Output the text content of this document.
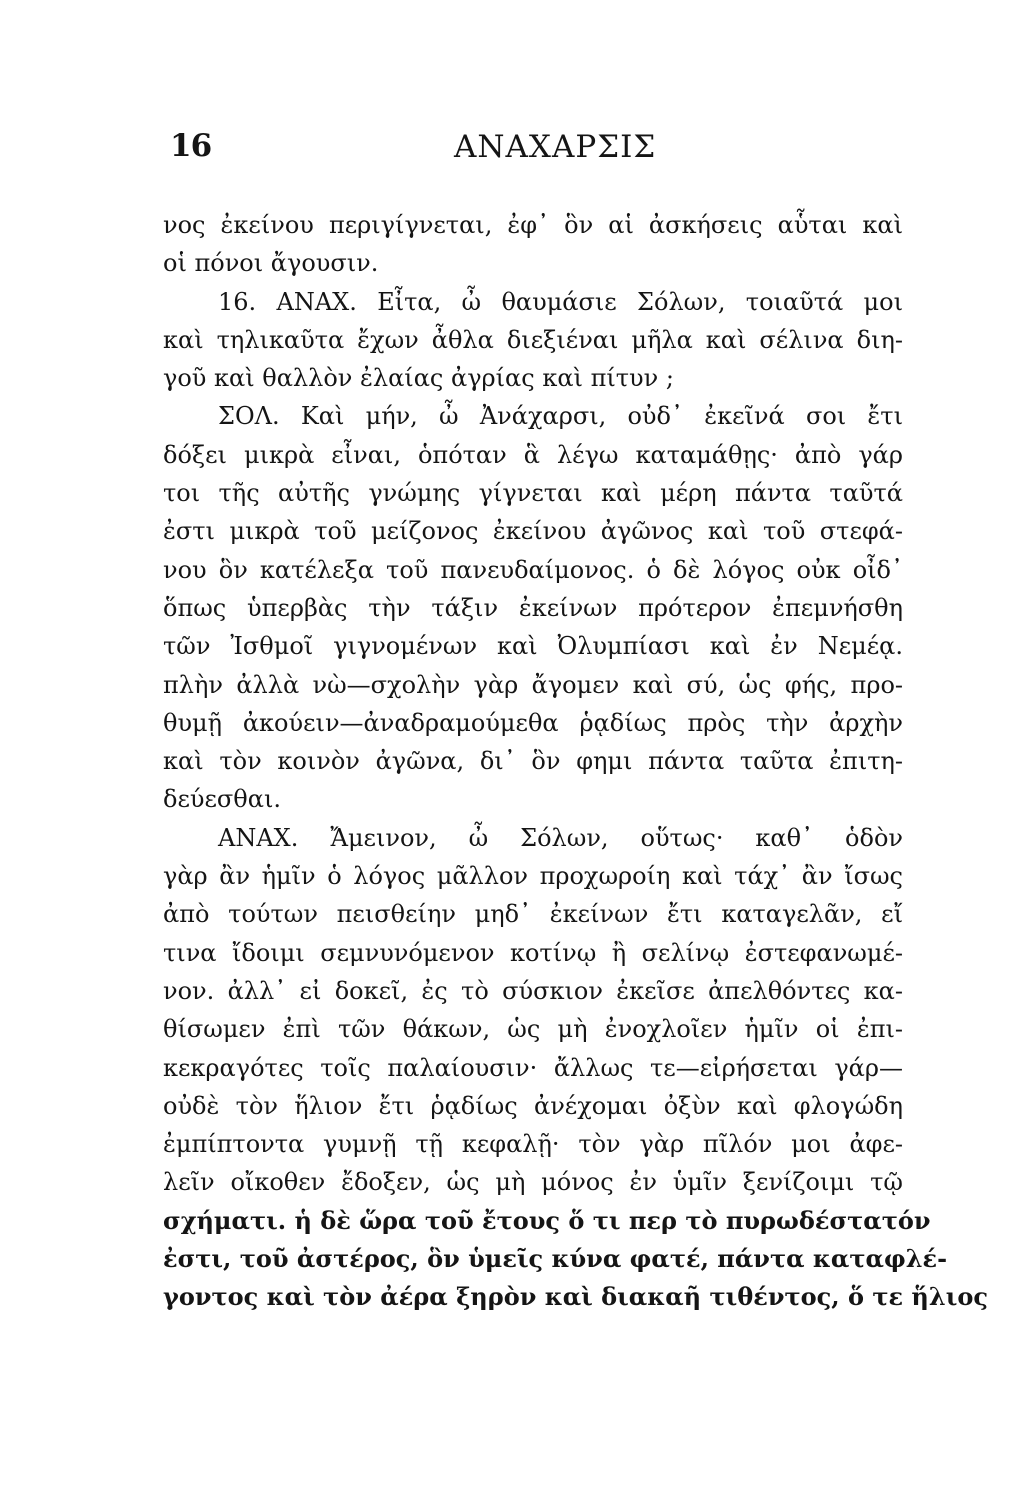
16	ΑΝΑΧΑΡΣΙΣ
νος ἐκείνου περιγίγνεται, ἐφ᾽ ὃν αἱ ἀσκήσεις αὗται καὶ
οἱ πόνοι ἄγουσιν.
16. ΑΝΑΧ. Εἶτα, ὦ θαυμάσιε Σόλων, τοιαῦτά μοι
καὶ τηλικαῦτα ἔχων ἆθλα διεξιέναι μῆλα καὶ σέλινα διη-
γοῦ καὶ θαλλὸν ἐλαίας ἀγρίας καὶ πίτυν ;
ΣΟΛ. Καὶ μήν, ὦ Ἀνάχαρσι, οὐδ᾽ ἐκεῖνά σοι ἔτι
δόξει μικρὰ εἶναι, ὁπόταν ἃ λέγω καταμάθῃς· ἀπὸ γάρ
τοι τῆς αὐτῆς γνώμης γίγνεται καὶ μέρη πάντα ταῦτά
ἐστι μικρὰ τοῦ μείζονος ἐκείνου ἀγῶνος καὶ τοῦ στεφά-
νου ὃν κατέλεξα τοῦ πανευδαίμονος. ὁ δὲ λόγος οὐκ οἶδ᾽
ὅπως ὑπερβὰς τὴν τάξιν ἐκείνων πρότερον ἐπεμνήσθη
τῶν Ἰσθμοῖ γιγνομένων καὶ Ὀλυμπίασι καὶ ἐν Νεμέᾳ.
πλὴν ἀλλὰ νὼ—σχολὴν γὰρ ἄγομεν καὶ σύ, ὡς φής, προ-
θυμῇ ἀκούειν—ἀναδραμούμεθα ῥᾳδίως πρὸς τὴν ἀρχὴν
καὶ τὸν κοινὸν ἀγῶνα, δι᾽ ὃν φημι πάντα ταῦτα ἐπιτη-
δεύεσθαι.
ΑΝΑΧ. Ἄμεινον, ὦ Σόλων, οὕτως· καθ᾽ ὁδὸν
γὰρ ἂν ἡμῖν ὁ λόγος μᾶλλον προχωροίη καὶ τάχ᾽ ἂν ἴσως
ἀπὸ τούτων πεισθείην μηδ᾽ ἐκείνων ἔτι καταγελᾶν, εἴ
τινα ἴδοιμι σεμνυνόμενον κοτίνῳ ἢ σελίνῳ ἐστεφανωμέ-
νον. ἀλλ᾽ εἰ δοκεῖ, ἐς τὸ σύσκιον ἐκεῖσε ἀπελθόντες κα-
θίσωμεν ἐπὶ τῶν θάκων, ὡς μὴ ἐνοχλοῖεν ἡμῖν οἱ ἐπι-
κεκραγότες τοῖς παλαίουσιν· ἄλλως τε—εἰρήσεται γάρ—
οὐδὲ τὸν ἥλιον ἔτι ῥᾳδίως ἀνέχομαι ὀξὺν καὶ φλογώδη
ἐμπίπτοντα γυμνῇ τῇ κεφαλῇ· τὸν γὰρ πῖλόν μοι ἀφε-
λεῖν οἴκοθεν ἔδοξεν, ὡς μὴ μόνος ἐν ὑμῖν ξενίζοιμι τῷ
σχήματι. ἡ δὲ ὥρα τοῦ ἔτους ὅ τι περ τὸ πυρωδέστατόν
ἐστι, τοῦ ἀστέρος, ὃν ὑμεῖς κύνα φατέ, πάντα καταφλέ-
γοντος καὶ τὸν ἀέρα ξηρὸν καὶ διακαῆ τιθέντος, ὅ τε ἥλιος
